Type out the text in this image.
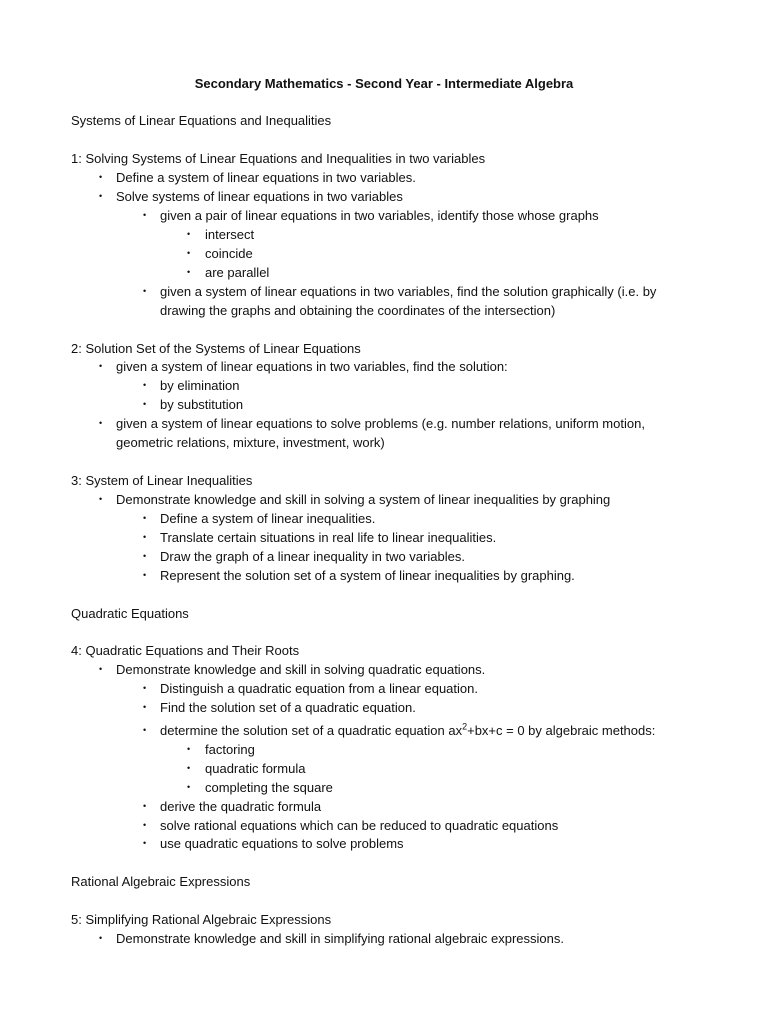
Secondary Mathematics - Second Year - Intermediate Algebra
Systems of Linear Equations and Inequalities
1: Solving Systems of Linear Equations and Inequalities in two variables
• Define a system of linear equations in two variables.
• Solve systems of linear equations in two variables
• given a pair of linear equations in two variables, identify those whose graphs
• intersect
• coincide
• are parallel
• given a system of linear equations in two variables, find the solution graphically (i.e. by
drawing the graphs and obtaining the coordinates of the intersection)
2: Solution Set of the Systems of Linear Equations
• given a system of linear equations in two variables, find the solution:
• by elimination
• by substitution
• given a system of linear equations to solve problems (e.g. number relations, uniform motion,
geometric relations, mixture, investment, work)
3: System of Linear Inequalities
• Demonstrate knowledge and skill in solving a system of linear inequalities by graphing
• Define a system of linear inequalities.
• Translate certain situations in real life to linear inequalities.
• Draw the graph of a linear inequality in two variables.
• Represent the solution set of a system of linear inequalities by graphing.
Quadratic Equations
4: Quadratic Equations and Their Roots
• Demonstrate knowledge and skill in solving quadratic equations.
• Distinguish a quadratic equation from a linear equation.
• Find the solution set of a quadratic equation.
• determine the solution set of a quadratic equation $ax^2+bx+c = 0$ by algebraic methods:
• factoring
• quadratic formula
• completing the square
• derive the quadratic formula
• solve rational equations which can be reduced to quadratic equations
• use quadratic equations to solve problems
Rational Algebraic Expressions
5: Simplifying Rational Algebraic Expressions
• Demonstrate knowledge and skill in simplifying rational algebraic expressions.
